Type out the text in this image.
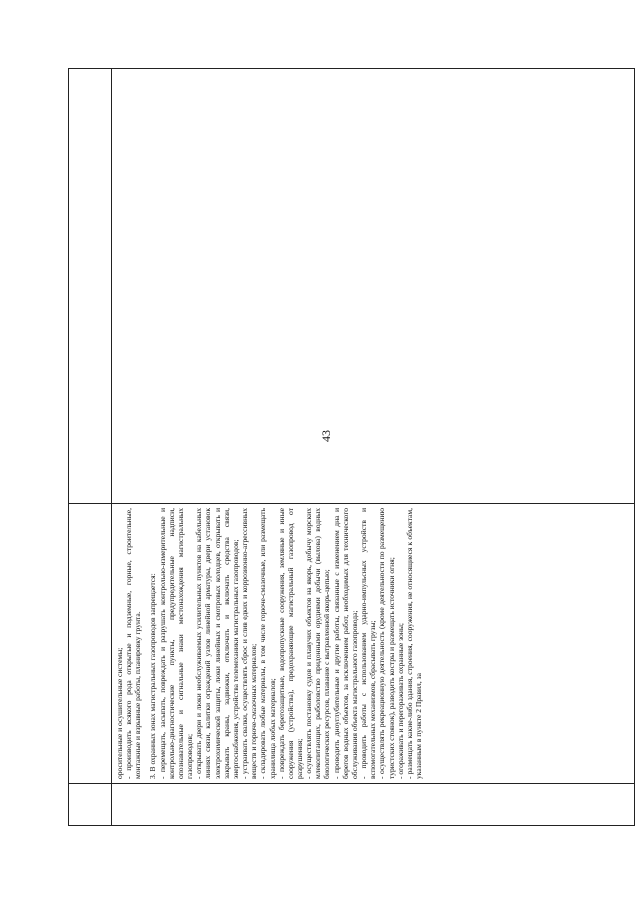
43

оросительные и осушительные системы; - производить всякого рода открытые и подземные, горные, строительные, монтажные и взрывные работы, планировку грунта. 3. В охранных зонах магистральных газопроводов запрещается: - перемещать, засыпать, повреждать и разрушать контрольно-измерительные и контрольно-диагностические пункты, предупредительные надписи, опознавательные и сигнальные знаки местонахождения магистральных газопроводов; - открывать двери и люки необслуживаемых усилительных пунктов на кабельных линиях связи, калитки ограждений узлов линейной арматуры, двери установок электрохимической защиты, люки линейных и смотровых колодцев, открывать и закрывать краны, задвижки, отключать и включать средства связи, энергоснабжения, устройства телемеханики магистральных газопроводов; - устраивать свалки, осуществлять сброс и слив едких и коррозионно-агрессивных веществ и горюче-смазочных материалов; - складировать любые материалы, в том числе горюче-смазочные, или размещать хранилища любых материалов; - повреждать берегозащитные, водопропускные сооружения, земляные и иные сооружения (устройства), предохраняющие магистральный газопровод от разрушения; - осуществлять постановку судов и плавучих объектов на якорь, добычу морских млекопитающих, рыболовство придонными орудиями добычи (вылова) водных биологических ресурсов, плавание с вытравленной якорь-цепью; - проводить дноуглубительные и другие работы, связанные с изменением дна и берегов водных объектов, за исключением работ, необходимых для технического обслуживания объекта магистрального газопровода; - проводить работы с использованием ударно-импульсных устройств и вспомогательных механизмов, сбрасывать грузы; - осуществлять рекреационную деятельность (кроме деятельности по размещению туристских стоянок), разводить костры и размещать источники огня; - огораживать и перегораживать охранные зоны; - размещать какие-либо здания, строения, сооружения, не относящиеся к объектам, указанным в пункте 2 Правил, за
